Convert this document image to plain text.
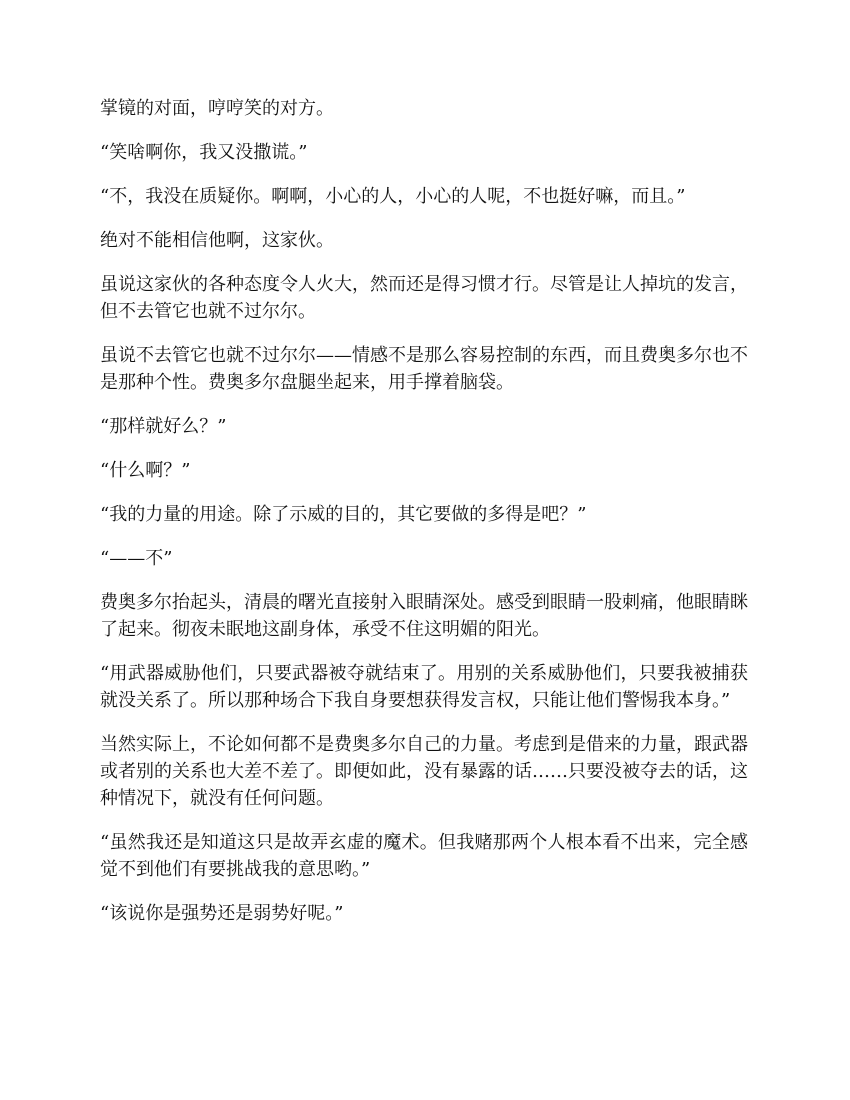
掌镜的对面，哼哼笑的对方。

“笑啥啊你，我又没撒谎。”

“不，我没在质疑你。啊啊，小心的人，小心的人呢，不也挺好嘛，而且。”

绝对不能相信他啊，这家伙。

虽说这家伙的各种态度令人火大，然而还是得习惯才行。尽管是让人掉坑的发言，但不去管它也就不过尔尔。

虽说不去管它也就不过尔尔——情感不是那么容易控制的东西，而且费奥多尔也不是那种个性。费奥多尔盘腿坐起来，用手撑着脑袋。

“那样就好么？”

“什么啊？”

“我的力量的用途。除了示威的目的，其它要做的多得是吧？”

“——不”

费奥多尔抬起头，清晨的曙光直接射入眼睛深处。感受到眼睛一股刺痛，他眼睛眯了起来。彻夜未眠地这副身体，承受不住这明媚的阳光。

“用武器威胁他们，只要武器被夺就结束了。用别的关系威胁他们，只要我被捕获就没关系了。所以那种场合下我自身要想获得发言权，只能让他们警惕我本身。”

当然实际上，不论如何都不是费奥多尔自己的力量。考虑到是借来的力量，跟武器或者别的关系也大差不差了。即便如此，没有暴露的话……只要没被夺去的话，这种情况下，就没有任何问题。

“虽然我还是知道这只是故弄玄虚的魔术。但我赌那两个人根本看不出来，完全感觉不到他们有要挑战我的意思哟。”

“该说你是强势还是弱势好呢。”
